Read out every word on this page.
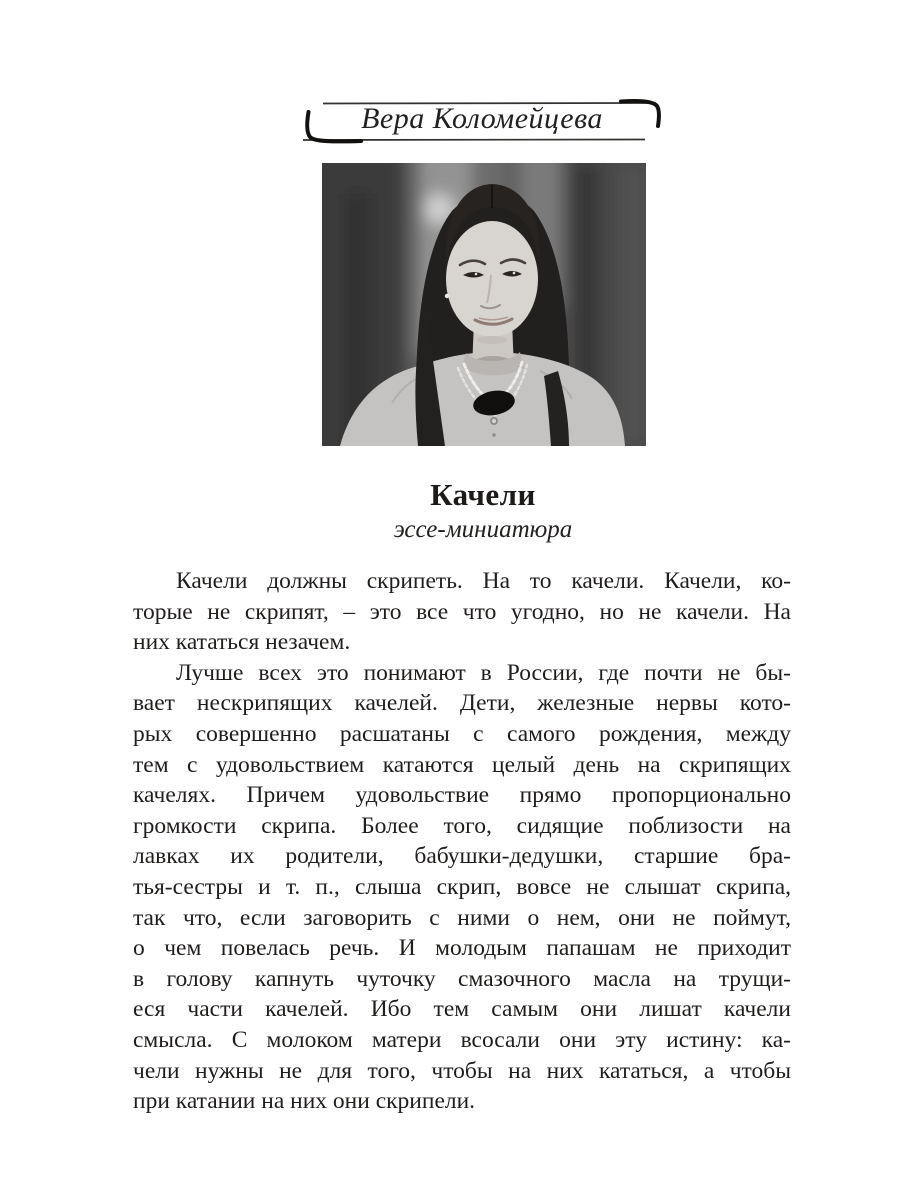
Вера Коломейцева
Качели
эссе-миниатюра
Качели должны скрипеть. На то качели. Качели, ко-
торые не скрипят, – это все что угодно, но не качели. На
них кататься незачем.
Лучше всех это понимают в России, где почти не бы-
вает нескрипящих качелей. Дети, железные нервы кото-
рых совершенно расшатаны с самого рождения, между
тем с удовольствием катаются целый день на скрипящих
качелях. Причем удовольствие прямо пропорционально
громкости скрипа. Более того, сидящие поблизости на
лавках их родители, бабушки-дедушки, старшие бра-
тья-сестры и т. п., слыша скрип, вовсе не слышат скрипа,
так что, если заговорить с ними о нем, они не поймут,
о чем повелась речь. И молодым папашам не приходит
в голову капнуть чуточку смазочного масла на трущи-
еся части качелей. Ибо тем самым они лишат качели
смысла. С молоком матери всосали они эту истину: ка-
чели нужны не для того, чтобы на них кататься, а чтобы
при катании на них они скрипели.
